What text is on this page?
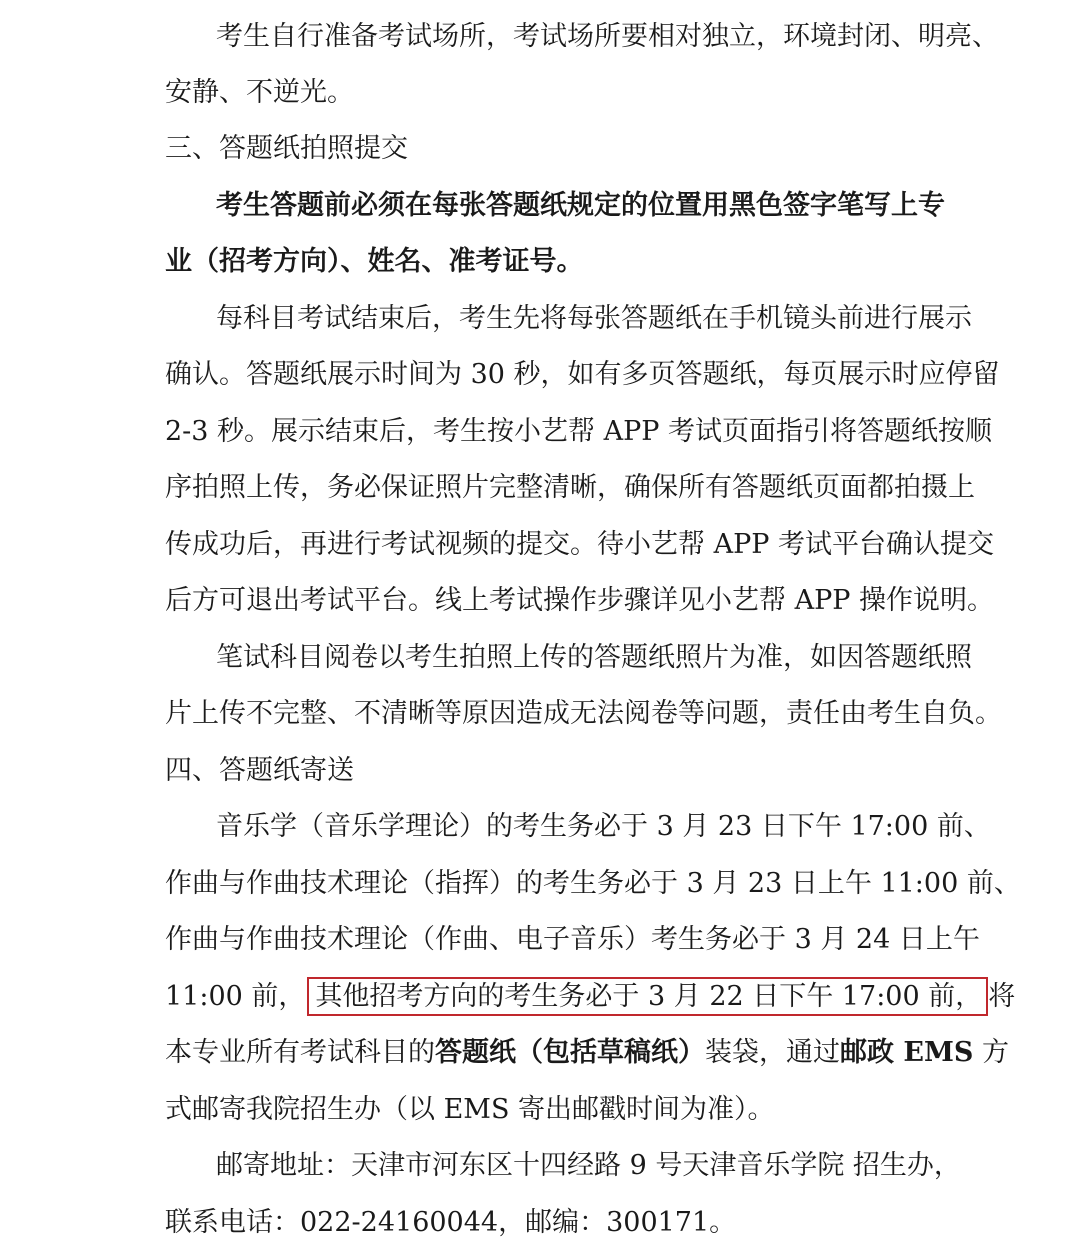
考生自行准备考试场所，考试场所要相对独立，环境封闭、明亮、
安静、不逆光。
三、答题纸拍照提交
考生答题前必须在每张答题纸规定的位置用黑色签字笔写上专
业（招考方向）、姓名、准考证号。
每科目考试结束后，考生先将每张答题纸在手机镜头前进行展示
确认。答题纸展示时间为 30 秒，如有多页答题纸，每页展示时应停留
2-3 秒。展示结束后，考生按小艺帮 APP 考试页面指引将答题纸按顺
序拍照上传，务必保证照片完整清晰，确保所有答题纸页面都拍摄上
传成功后，再进行考试视频的提交。待小艺帮 APP 考试平台确认提交
后方可退出考试平台。线上考试操作步骤详见小艺帮 APP 操作说明。
笔试科目阅卷以考生拍照上传的答题纸照片为准，如因答题纸照
片上传不完整、不清晰等原因造成无法阅卷等问题，责任由考生自负。
四、答题纸寄送
音乐学（音乐学理论）的考生务必于 3 月 23 日下午 17:00 前、
作曲与作曲技术理论（指挥）的考生务必于 3 月 23 日上午 11:00 前、
作曲与作曲技术理论（作曲、电子音乐）考生务必于 3 月 24 日上午
11:00 前， 其他招考方向的考生务必于 3 月 22 日下午 17:00 前， 将
本专业所有考试科目的答题纸（包括草稿纸）装袋，通过邮政 EMS 方
式邮寄我院招生办（以 EMS 寄出邮戳时间为准）。
邮寄地址：天津市河东区十四经路 9 号天津音乐学院 招生办，
联系电话：022-24160044，邮编：300171。
